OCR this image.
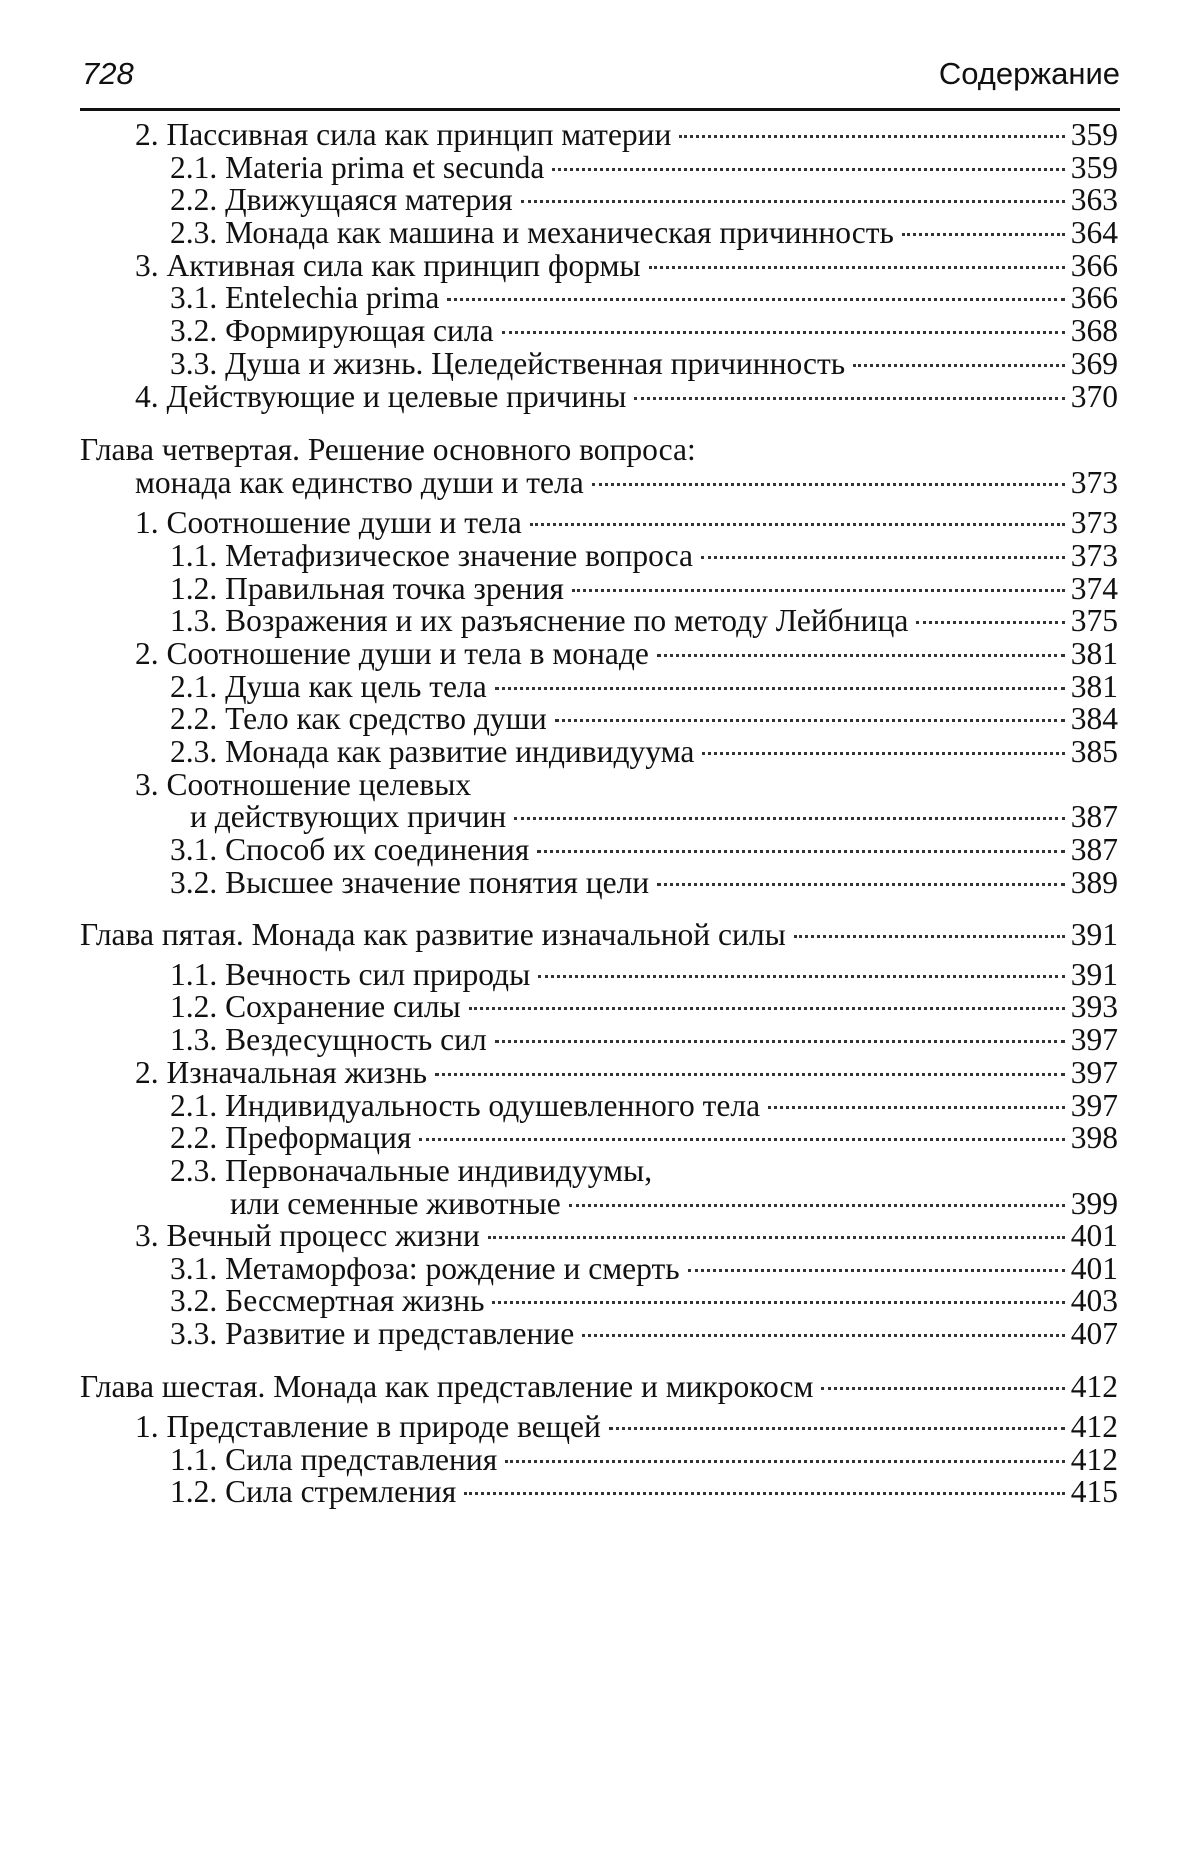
728	Содержание
2. Пассивная сила как принцип материи	359
2.1. Materia prima et secunda	359
2.2. Движущаяся материя	363
2.3. Монада как машина и механическая причинность	364
3. Активная сила как принцип формы	366
3.1. Entelechia prima	366
3.2. Формирующая сила	368
3.3. Душа и жизнь. Целедейственная причинность	369
4. Действующие и целевые причины	370
Глава четвертая. Решение основного вопроса:
монада как единство души и тела	373
1. Соотношение души и тела	373
1.1. Метафизическое значение вопроса	373
1.2. Правильная точка зрения	374
1.3. Возражения и их разъяснение по методу Лейбница	375
2. Соотношение души и тела в монаде	381
2.1. Душа как цель тела	381
2.2. Тело как средство души	384
2.3. Монада как развитие индивидуума	385
3. Соотношение целевых
и действующих причин	387
3.1. Способ их соединения	387
3.2. Высшее значение понятия цели	389
Глава пятая. Монада как развитие изначальной силы	391
1.1. Вечность сил природы	391
1.2. Сохранение силы	393
1.3. Вездесущность сил	397
2. Изначальная жизнь	397
2.1. Индивидуальность одушевленного тела	397
2.2. Преформация	398
2.3. Первоначальные индивидуумы,
или семенные животные	399
3. Вечный процесс жизни	401
3.1. Метаморфоза: рождение и смерть	401
3.2. Бессмертная жизнь	403
3.3. Развитие и представление	407
Глава шестая. Монада как представление и микрокосм	412
1. Представление в природе вещей	412
1.1. Сила представления	412
1.2. Сила стремления	415
